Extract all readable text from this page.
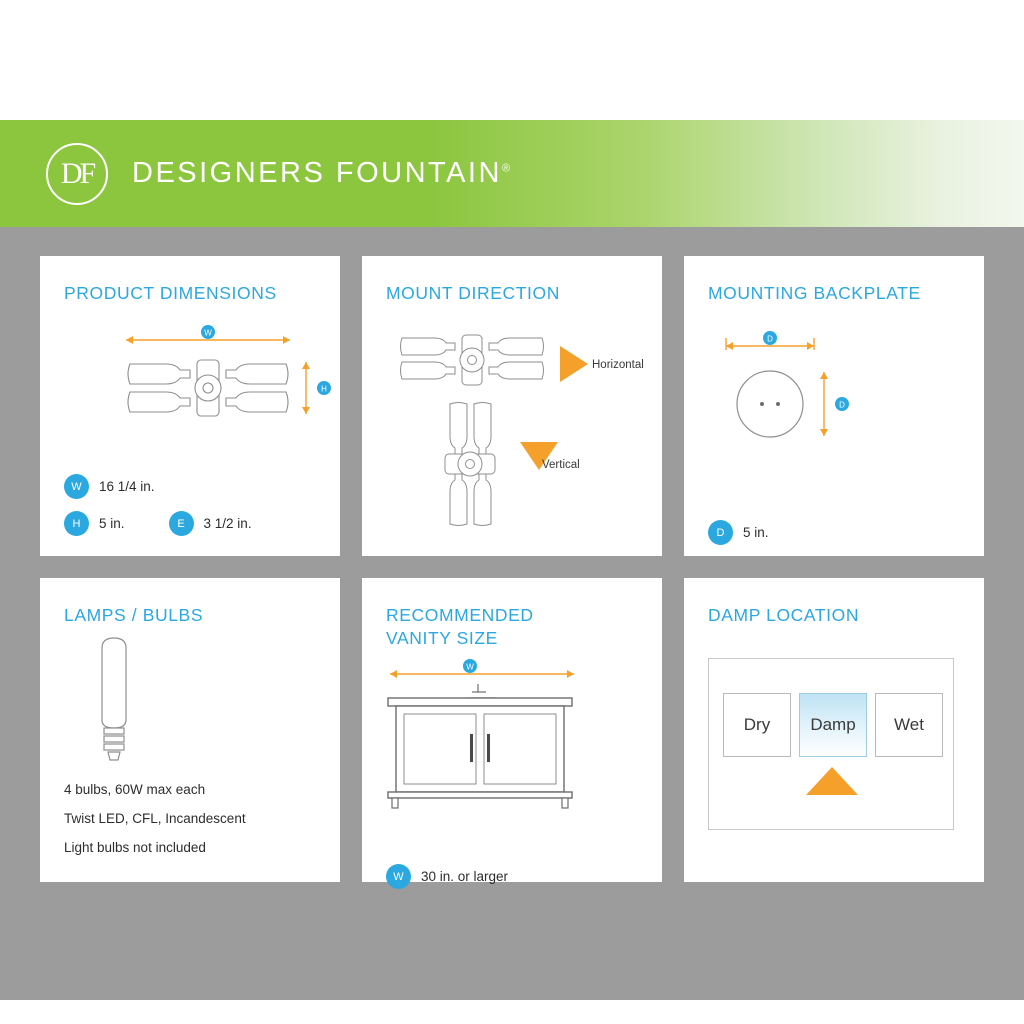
DF DESIGNERS FOUNTAIN®
PRODUCT DIMENSIONS
W
H
W	16 1/4 in.
H	5 in.	E	3 1/2 in.
MOUNT DIRECTION
Horizontal
Vertical
MOUNTING BACKPLATE
D
D
D	5 in.
LAMPS / BULBS
4 bulbs, 60W max each
Twist LED, CFL, Incandescent
Light bulbs not included
RECOMMENDED
VANITY SIZE
W
W	30 in. or larger
DAMP LOCATION
Dry	Damp	Wet
